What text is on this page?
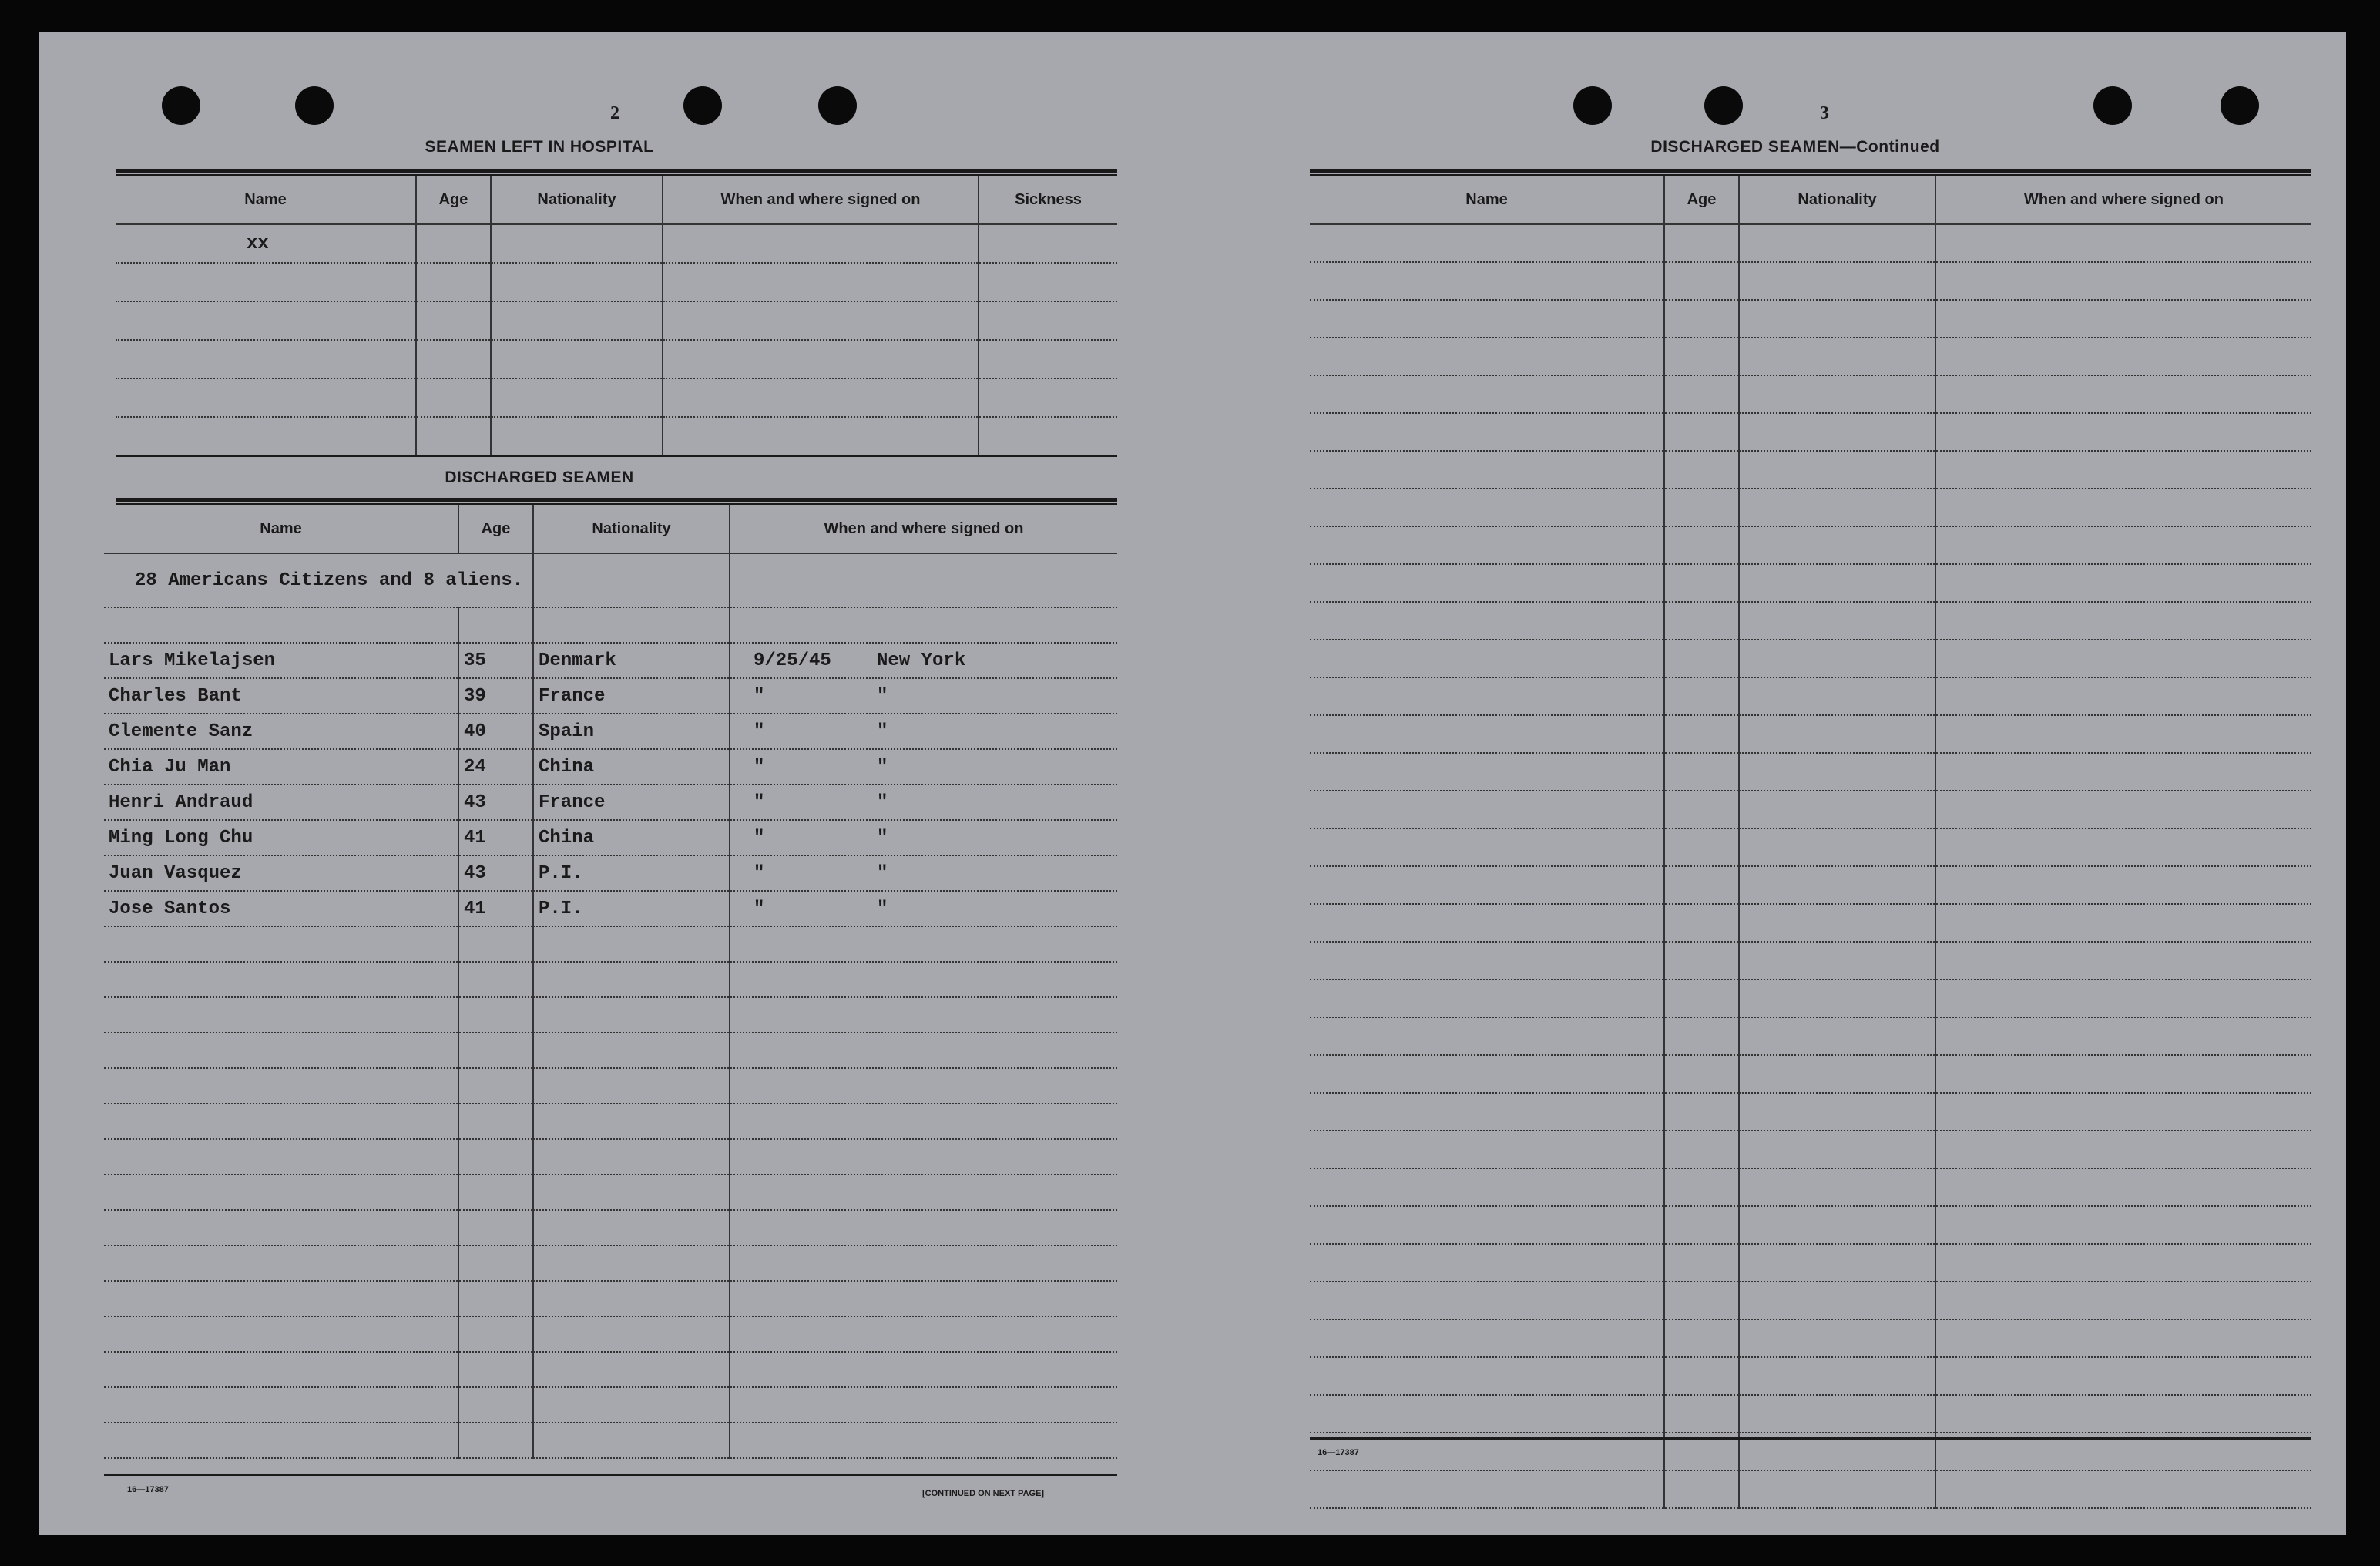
2
SEAMEN LEFT IN HOSPITAL
Name	Age	Nationality	When and where signed on	Sickness
xx				

DISCHARGED SEAMEN
Name	Age	Nationality	When and where signed on
28 Americans Citizens and 8 aliens.			

Lars Mikelajsen	35	Denmark	9/25/45 New York
Charles Bant	39	France	" "
Clemente Sanz	40	Spain	" "
Chia Ju Man	24	China	" "
Henri Andraud	43	France	" "
Ming Long Chu	41	China	" "
Juan Vasquez	43	P.I.	" "
Jose Santos	41	P.I.	" "

16—17387	[CONTINUED ON NEXT PAGE]
3
DISCHARGED SEAMEN—Continued
Name	Age	Nationality	When and where signed on

16—17387
